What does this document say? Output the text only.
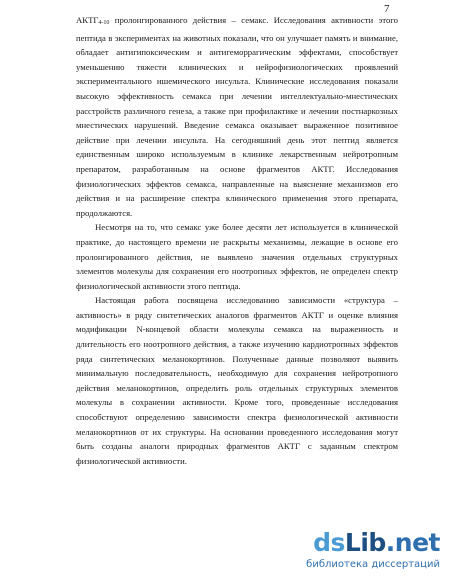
7

АКТГ4-10 пролонгированного действия – семакс. Исследования активности этого пептида в экспериментах на животных показали, что он улучшает память и внимание, обладает антигипоксическим и антигеморрагическим эффектами, способствует уменьшению тяжести клинических и нейрофизиологических проявлений экспериментального ишемического инсульта. Клинические исследования показали высокую эффективность семакса при лечении интеллектуально-мнестических расстройств различного генеза, а также при профилактике и лечении постнаркозных мнестических нарушений. Введение семакса оказывает выраженное позитивное действие при лечении инсульта. На сегодняшний день этот пептид является единственным широко используемым в клинике лекарственным нейротропным препаратом, разработанным на основе фрагментов АКТГ. Исследования физиологических эффектов семакса, направленные на выяснение механизмов его действия и на расширение спектра клинического применения этого препарата, продолжаются.

Несмотря на то, что семакс уже более десяти лет используется в клинической практике, до настоящего времени не раскрыты механизмы, лежащие в основе его пролонгированного действия, не выявлено значения отдельных структурных элементов молекулы для сохранения его ноотропных эффектов, не определен спектр физиологической активности этого пептида.

Настоящая работа посвящена исследованию зависимости «структура – активность» в ряду синтетических аналогов фрагментов АКТГ и оценке влияния модификации N-концевой области молекулы семакса на выраженность и длительность его ноотропного действия, а также изучению кардиотропных эффектов ряда синтетических меланокортинов. Полученные данные позволяют выявить минимальную последовательность, необходимую для сохранения нейротропного действия меланокортинов, определить роль отдельных структурных элементов молекулы в сохранении активности. Кроме того, проведенные исследования способствуют определению зависимости спектра физиологической активности меланокортинов от их структуры. На основании проведенного исследования могут быть созданы аналоги природных фрагментов АКТГ с заданным спектром физиологической активности.

dsLib.net
библиотека диссертаций
